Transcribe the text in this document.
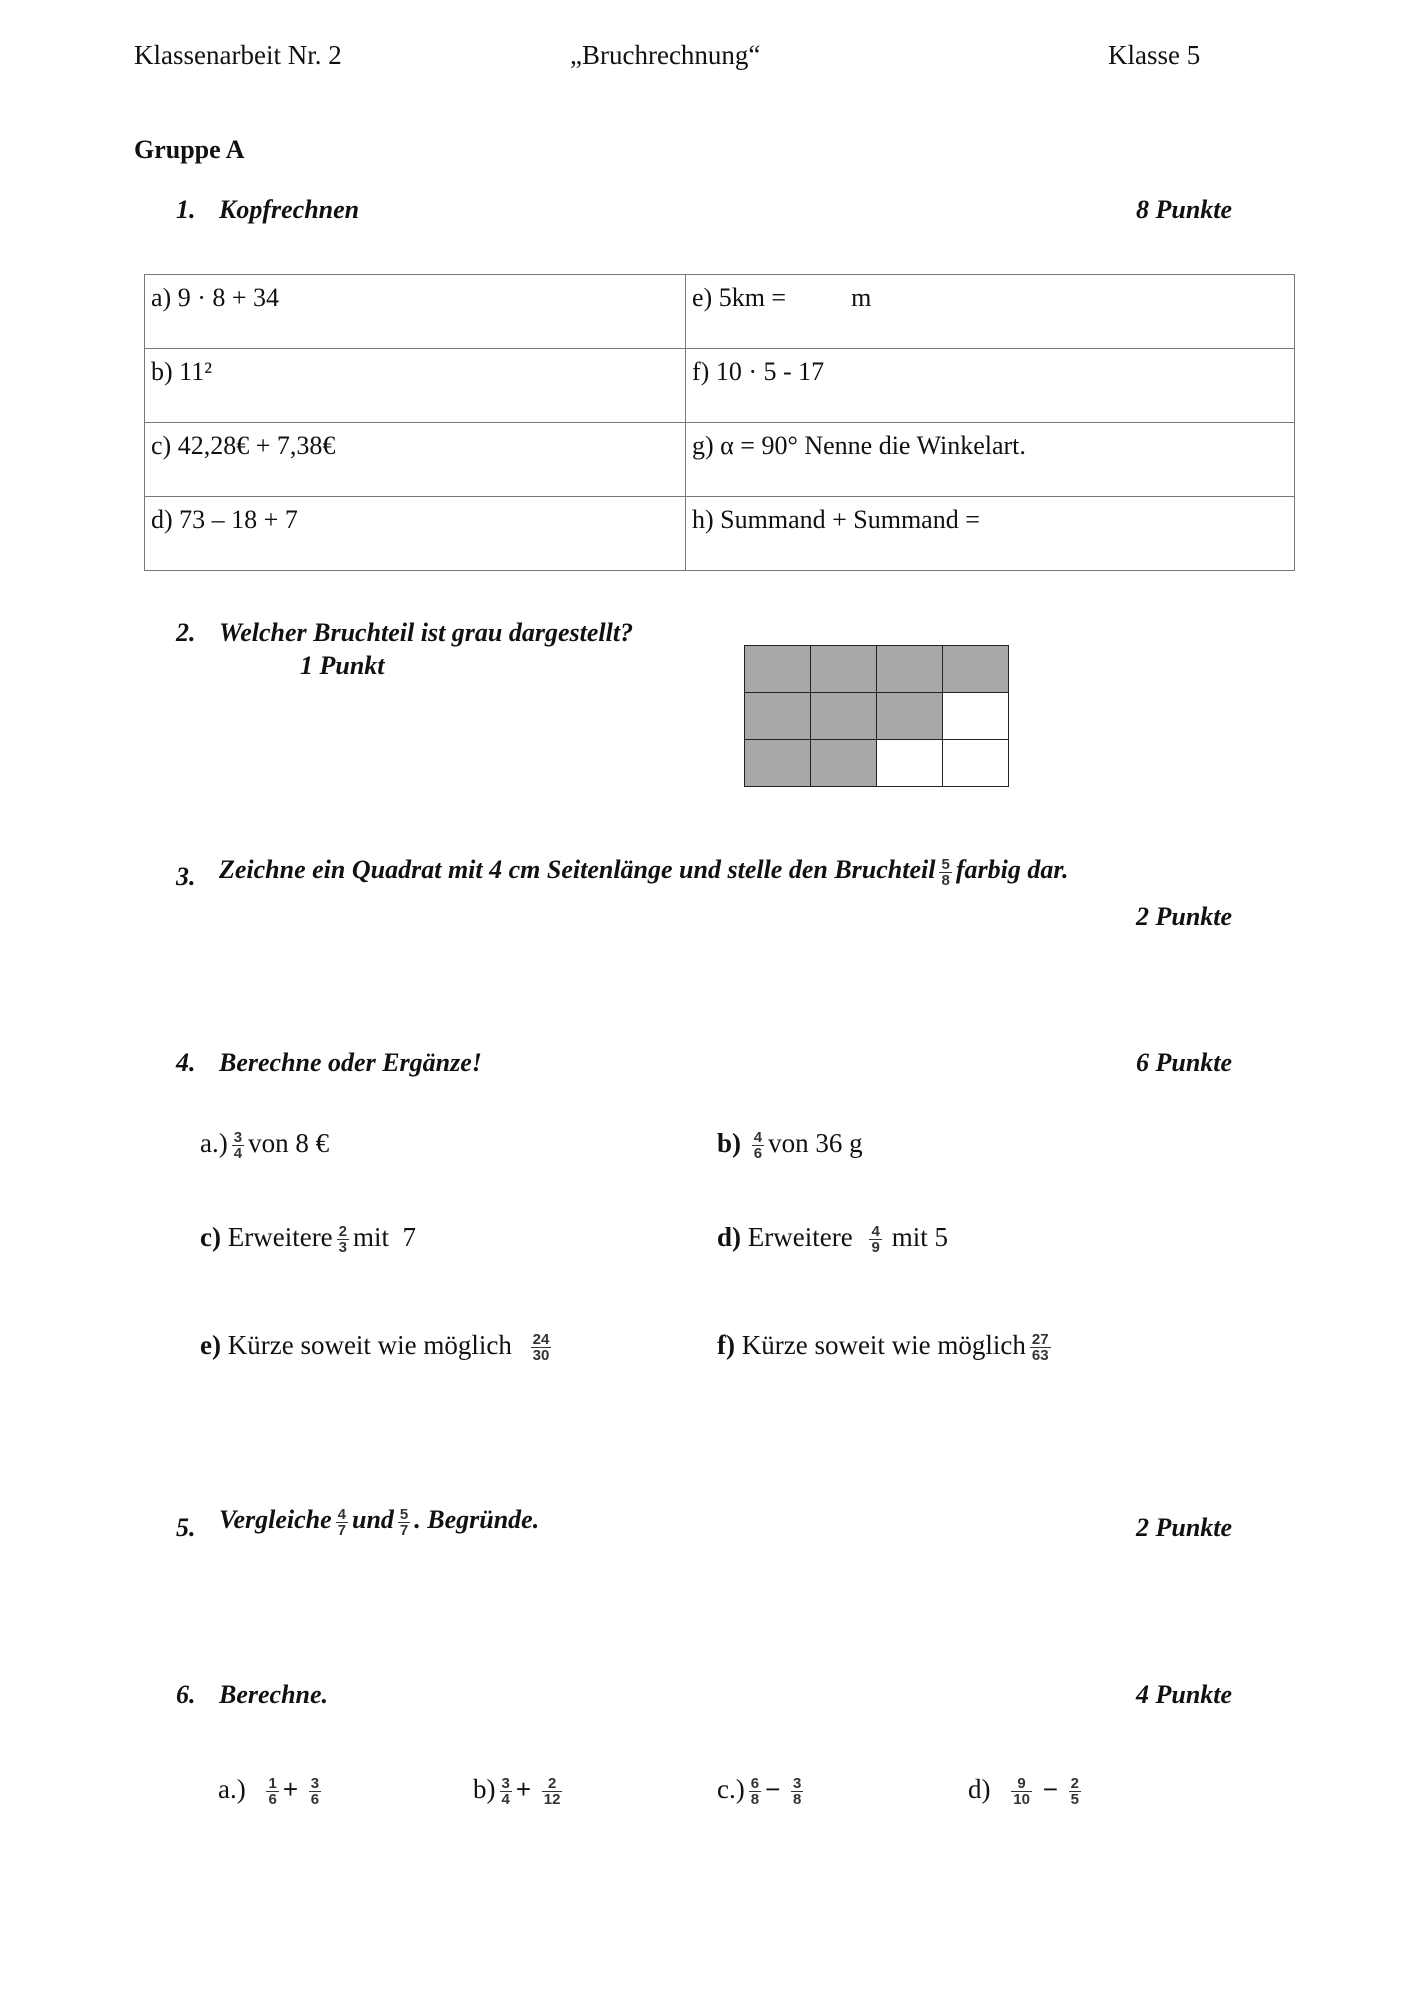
Klassenarbeit Nr. 2	„Bruchrechnung“	Klasse 5
Gruppe A
1. Kopfrechnen	8 Punkte
a) 9 · 8 + 34	e) 5km =          m
b) 11²	f) 10 · 5 - 17
c) 42,28€ + 7,38€	g) α = 90° Nenne die Winkelart.
d) 73 – 18 + 7	h) Summand + Summand =
2. Welcher Bruchteil ist grau dargestellt?
1 Punkt

3. Zeichne ein Quadrat mit 4 cm Seitenlänge und stelle den Bruchteil $\frac{5}{8}$ farbig dar.
2 Punkte
4. Berechne oder Ergänze!	6 Punkte
$a.) \frac{3}{4}$ von 8 €	$b) \frac{4}{6}$ von 36 g
c) Erweitere $\frac{2}{3}$ mit  7	d) Erweitere $\frac{4}{9}$ mit 5
e) Kürze soweit wie möglich $\frac{24}{30}$	f) Kürze soweit wie möglich $\frac{27}{63}$
5. Vergleiche $\frac{4}{7}$ und $\frac{5}{7}$ . Begründe.	2 Punkte
6. Berechne.	4 Punkte
$a.) \frac{1}{6} + \frac{3}{6}$	$b) \frac{3}{4} + \frac{2}{12}$	$c.) \frac{6}{8} - \frac{3}{8}$	$d) \frac{9}{10} - \frac{2}{5}$
